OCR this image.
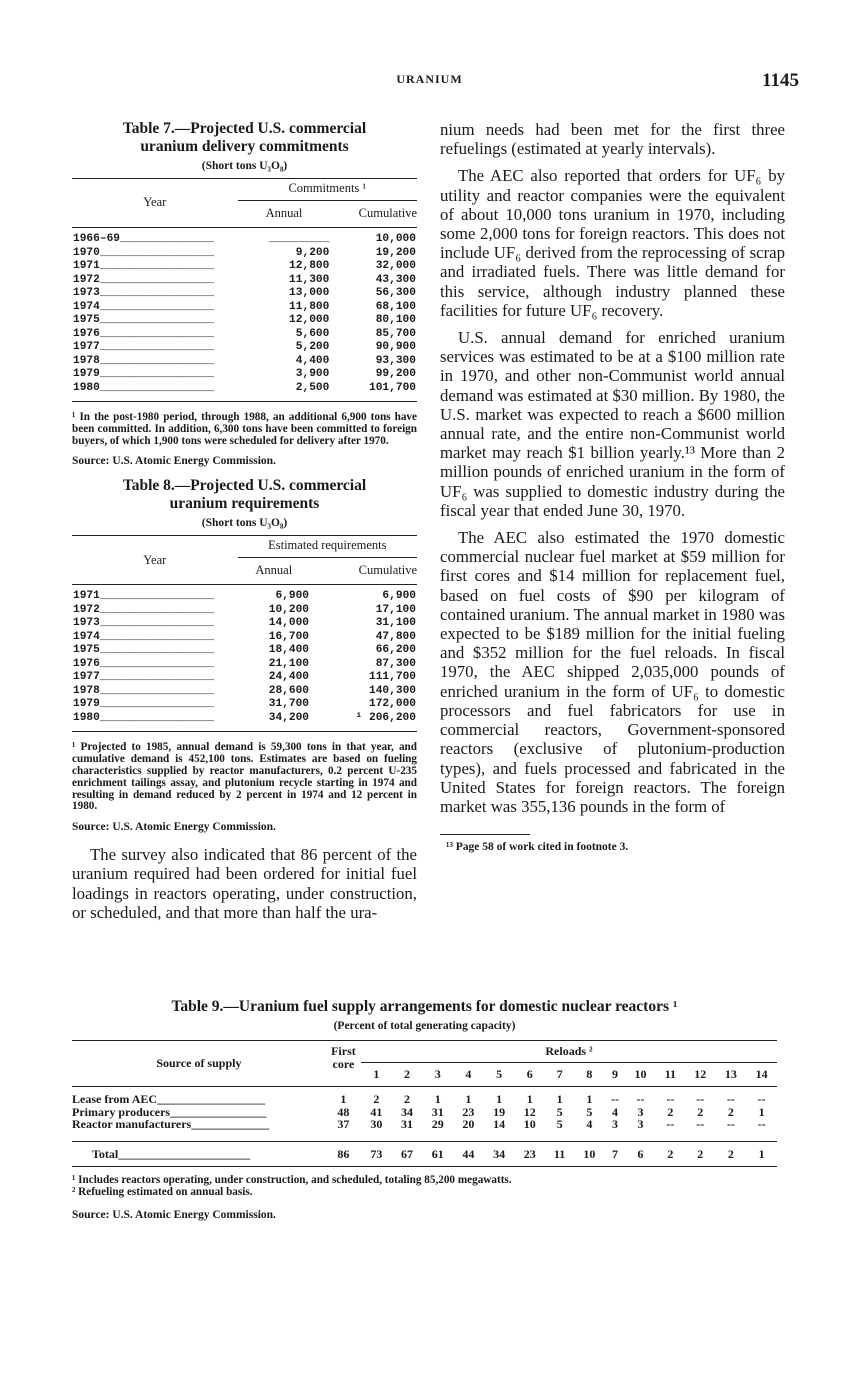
URANIUM	1145
Table 7.—Projected U.S. commercial
uranium delivery commitments
(Short tons U₃O₈)
Year	Commitments ¹	
	Annual	Cumulative
1966–69______________	_________	10,000
1970_________________	9,200	19,200
1971_________________	12,800	32,000
1972_________________	11,300	43,300
1973_________________	13,000	56,300
1974_________________	11,800	68,100
1975_________________	12,000	80,100
1976_________________	5,600	85,700
1977_________________	5,200	90,900
1978_________________	4,400	93,300
1979_________________	3,900	99,200
1980_________________	2,500	101,700
¹ In the post-1980 period, through 1988, an additional 6,900 tons have been committed. In addition, 6,300 tons have been committed to foreign buyers, of which 1,900 tons were scheduled for delivery after 1970.
Source: U.S. Atomic Energy Commission.
Table 8.—Projected U.S. commercial
uranium requirements
(Short tons U₃O₈)
Year	Estimated requirements	
	Annual	Cumulative
1971_________________	6,900	6,900
1972_________________	10,200	17,100
1973_________________	14,000	31,100
1974_________________	16,700	47,800
1975_________________	18,400	66,200
1976_________________	21,100	87,300
1977_________________	24,400	111,700
1978_________________	28,600	140,300
1979_________________	31,700	172,000
1980_________________	34,200	¹ 206,200
¹ Projected to 1985, annual demand is 59,300 tons in that year, and cumulative demand is 452,100 tons. Estimates are based on fueling characteristics supplied by reactor manufacturers, 0.2 percent U-235 enrichment tailings assay, and plutonium recycle starting in 1974 and resulting in demand reduced by 2 percent in 1974 and 12 percent in 1980.
Source: U.S. Atomic Energy Commission.

The survey also indicated that 86 percent of the uranium required had been ordered for initial fuel loadings in reactors operating, under construction, or scheduled, and that more than half the ura-

nium needs had been met for the first three refuelings (estimated at yearly intervals).

The AEC also reported that orders for UF₆ by utility and reactor companies were the equivalent of about 10,000 tons uranium in 1970, including some 2,000 tons for foreign reactors. This does not include UF₆ derived from the reprocessing of scrap and irradiated fuels. There was little demand for this service, although industry planned these facilities for future UF₆ recovery.

U.S. annual demand for enriched uranium services was estimated to be at a $100 million rate in 1970, and other non-Communist world annual demand was estimated at $30 million. By 1980, the U.S. market was expected to reach a $600 million annual rate, and the entire non-Communist world market may reach $1 billion yearly.¹³ More than 2 million pounds of enriched uranium in the form of UF₆ was supplied to domestic industry during the fiscal year that ended June 30, 1970.

The AEC also estimated the 1970 domestic commercial nuclear fuel market at $59 million for first cores and $14 million for replacement fuel, based on fuel costs of $90 per kilogram of contained uranium. The annual market in 1980 was expected to be $189 million for the initial fueling and $352 million for the fuel reloads. In fiscal 1970, the AEC shipped 2,035,000 pounds of enriched uranium in the form of UF₆ to domestic processors and fuel fabricators for use in commercial reactors, Government-sponsored reactors (exclusive of plutonium-production types), and fuels processed and fabricated in the United States for foreign reactors. The foreign market was 355,136 pounds in the form of

¹³ Page 58 of work cited in footnote 3.
Table 9.—Uranium fuel supply arrangements for domestic nuclear reactors ¹
(Percent of total generating capacity)
Source of supply	First core	Reloads ²													
		1	2	3	4	5	6	7	8	9	10	11	12	13	14
Lease from AEC__________________	1	2	2	1	1	1	1	1	1	--	--	--	--	--	--
Primary producers________________	48	41	34	31	23	19	12	5	5	4	3	2	2	2	1
Reactor manufacturers_____________	37	30	31	29	20	14	10	5	4	3	3	--	--	--	--
Total______________________	86	73	67	61	44	34	23	11	10	7	6	2	2	2	1
¹ Includes reactors operating, under construction, and scheduled, totaling 85,200 megawatts.
² Refueling estimated on annual basis.
Source: U.S. Atomic Energy Commission.
